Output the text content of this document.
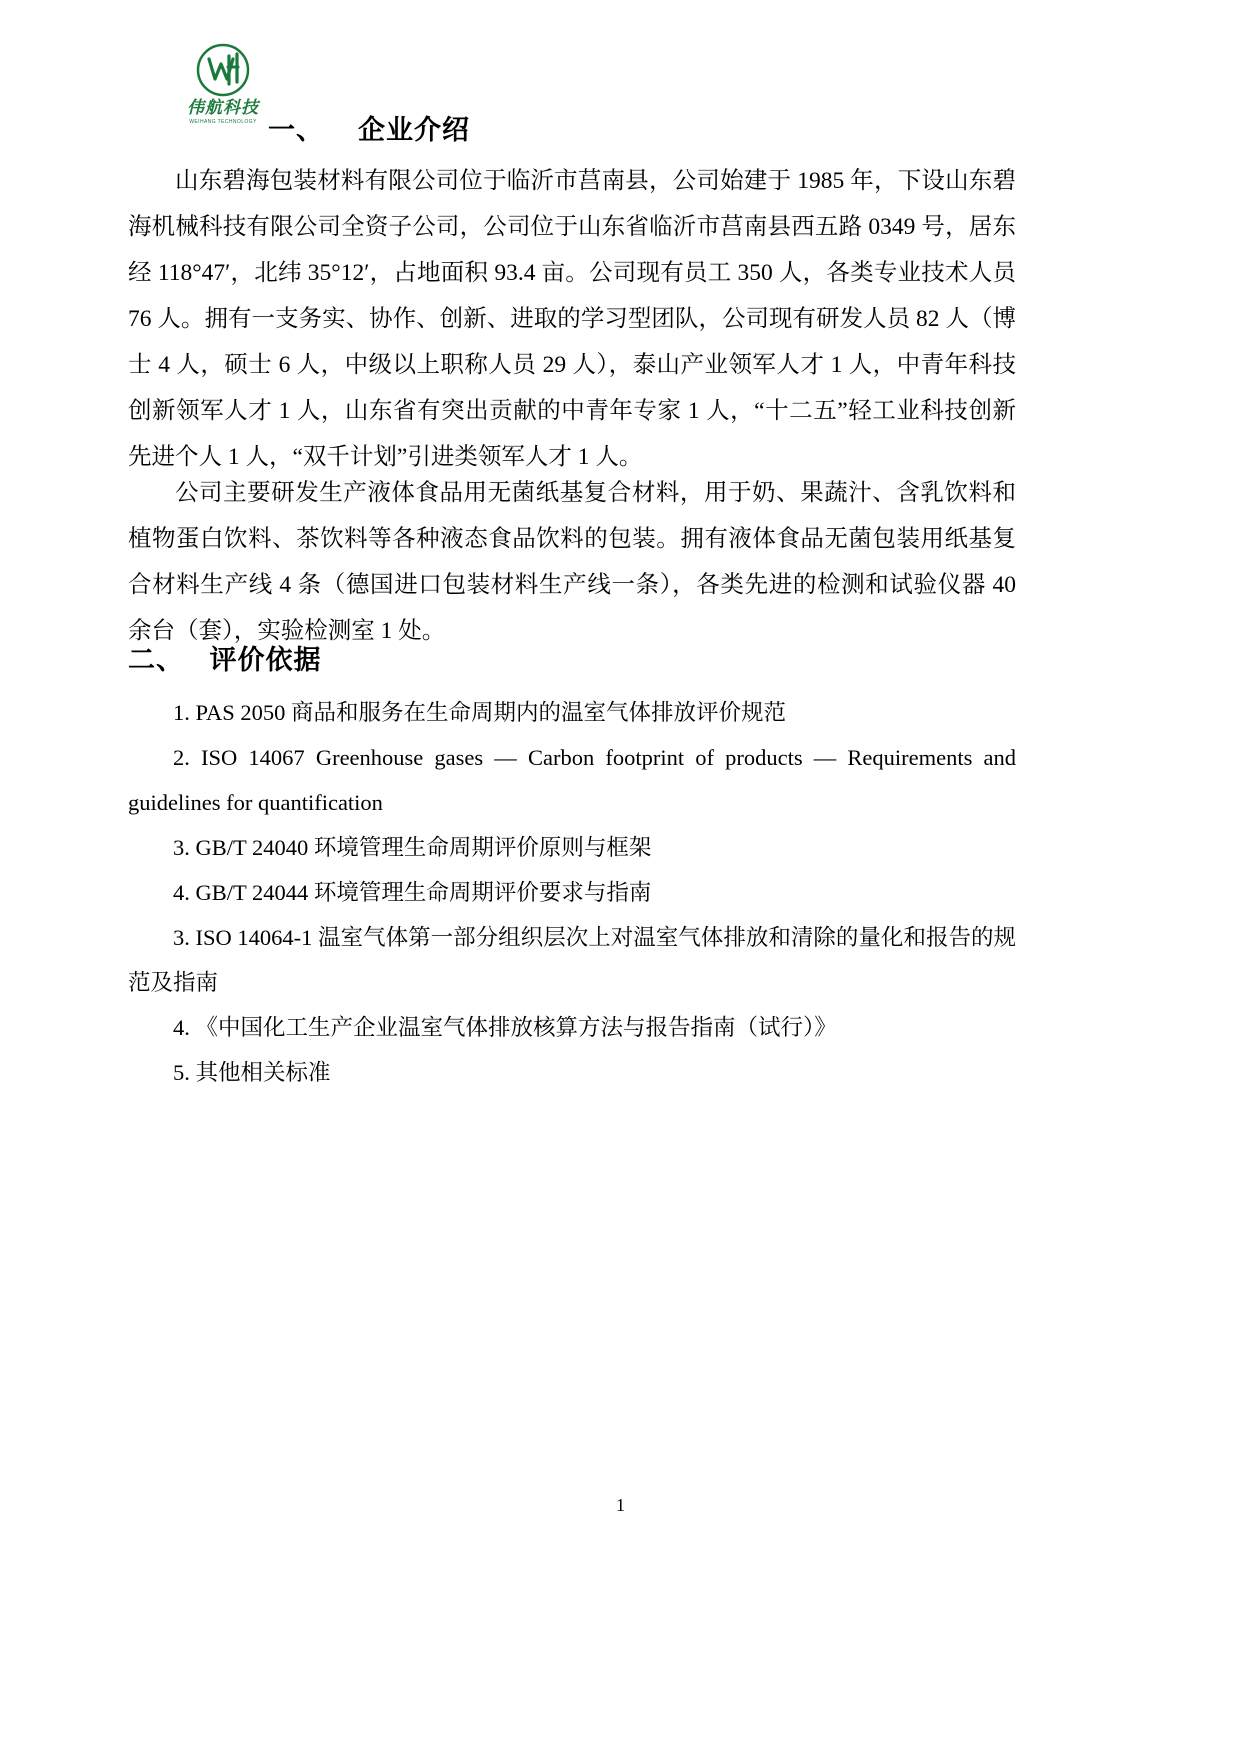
伟航科技
WEIHANG TECHNOLOGY 一、 企业介绍

山东碧海包装材料有限公司位于临沂市莒南县，公司始建于 1985 年，下设山东碧海机械科技有限公司全资子公司，公司位于山东省临沂市莒南县西五路 0349 号，居东经 118°47′，北纬 35°12′，占地面积 93.4 亩。公司现有员工 350 人，各类专业技术人员 76 人。拥有一支务实、协作、创新、进取的学习型团队，公司现有研发人员 82 人（博士 4 人，硕士 6 人，中级以上职称人员 29 人），泰山产业领军人才 1 人，中青年科技创新领军人才 1 人，山东省有突出贡献的中青年专家 1 人，“十二五”轻工业科技创新先进个人 1 人，“双千计划”引进类领军人才 1 人。

公司主要研发生产液体食品用无菌纸基复合材料，用于奶、果蔬汁、含乳饮料和植物蛋白饮料、茶饮料等各种液态食品饮料的包装。拥有液体食品无菌包装用纸基复合材料生产线 4 条（德国进口包装材料生产线一条），各类先进的检测和试验仪器 40 余台（套），实验检测室 1 处。

二、 评价依据

1. PAS 2050 商品和服务在生命周期内的温室气体排放评价规范

2. ISO 14067 Greenhouse gases — Carbon footprint of products — Requirements and guidelines for quantification

3. GB/T 24040 环境管理生命周期评价原则与框架

4. GB/T 24044 环境管理生命周期评价要求与指南

3. ISO 14064-1 温室气体第一部分组织层次上对温室气体排放和清除的量化和报告的规范及指南

4. 《中国化工生产企业温室气体排放核算方法与报告指南（试行）》

5. 其他相关标准

1
